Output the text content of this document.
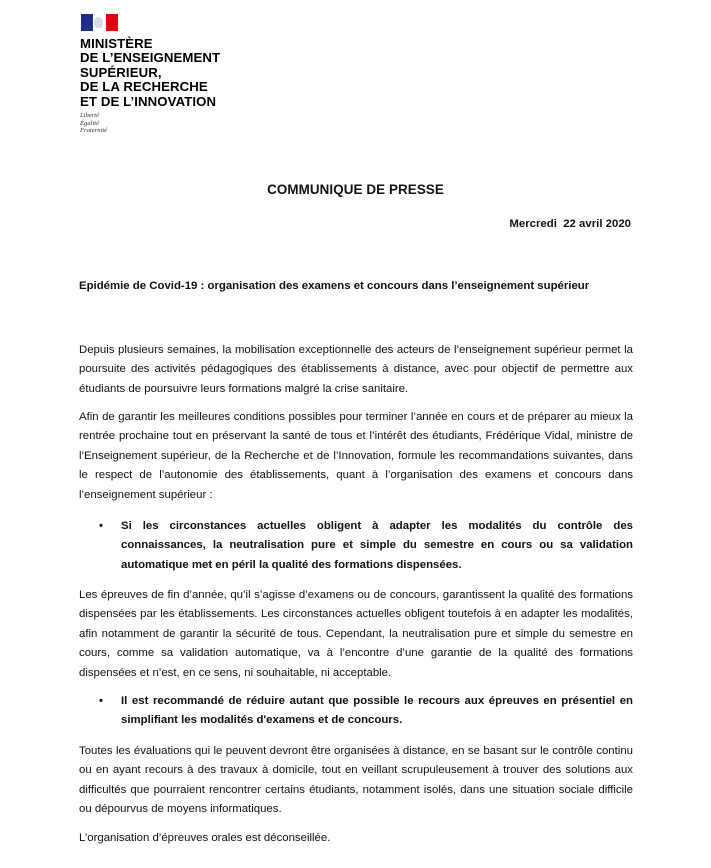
MINISTÈRE
DE L’ENSEIGNEMENT
SUPÉRIEUR,
DE LA RECHERCHE
ET DE L’INNOVATION
Liberté
Égalité
Fraternité
COMMUNIQUE DE PRESSE
Mercredi  22 avril 2020
Epidémie de Covid-19 : organisation des examens et concours dans l’enseignement supérieur
Depuis plusieurs semaines, la mobilisation exceptionnelle des acteurs de l’enseignement supérieur permet la poursuite des activités pédagogiques des établissements à distance, avec pour objectif de permettre aux étudiants de poursuivre leurs formations malgré la crise sanitaire.
Afin de garantir les meilleures conditions possibles pour terminer l’année en cours et de préparer au mieux la rentrée prochaine tout en préservant la santé de tous et l’intérêt des étudiants, Frédérique Vidal, ministre de l’Enseignement supérieur, de la Recherche et de l’Innovation, formule les recommandations suivantes, dans le respect de l’autonomie des établissements, quant à l’organisation des examens et concours dans l’enseignement supérieur :
• Si les circonstances actuelles obligent à adapter les modalités du contrôle des connaissances, la neutralisation pure et simple du semestre en cours ou sa validation automatique met en péril la qualité des formations dispensées.
Les épreuves de fin d’année, qu’il s’agisse d’examens ou de concours, garantissent la qualité des formations dispensées par les établissements. Les circonstances actuelles obligent toutefois à en adapter les modalités, afin notamment de garantir la sécurité de tous. Cependant, la neutralisation pure et simple du semestre en cours, comme sa validation automatique, va à l’encontre d’une garantie de la qualité des formations dispensées et n’est, en ce sens, ni souhaitable, ni acceptable.
• Il est recommandé de réduire autant que possible le recours aux épreuves en présentiel en simplifiant les modalités d'examens et de concours.
Toutes les évaluations qui le peuvent devront être organisées à distance, en se basant sur le contrôle continu ou en ayant recours à des travaux à domicile, tout en veillant scrupuleusement à trouver des solutions aux difficultés que pourraient rencontrer certains étudiants, notamment isolés, dans une situation sociale difficile ou dépourvus de moyens informatiques.
L’organisation d’épreuves orales est déconseillée.
